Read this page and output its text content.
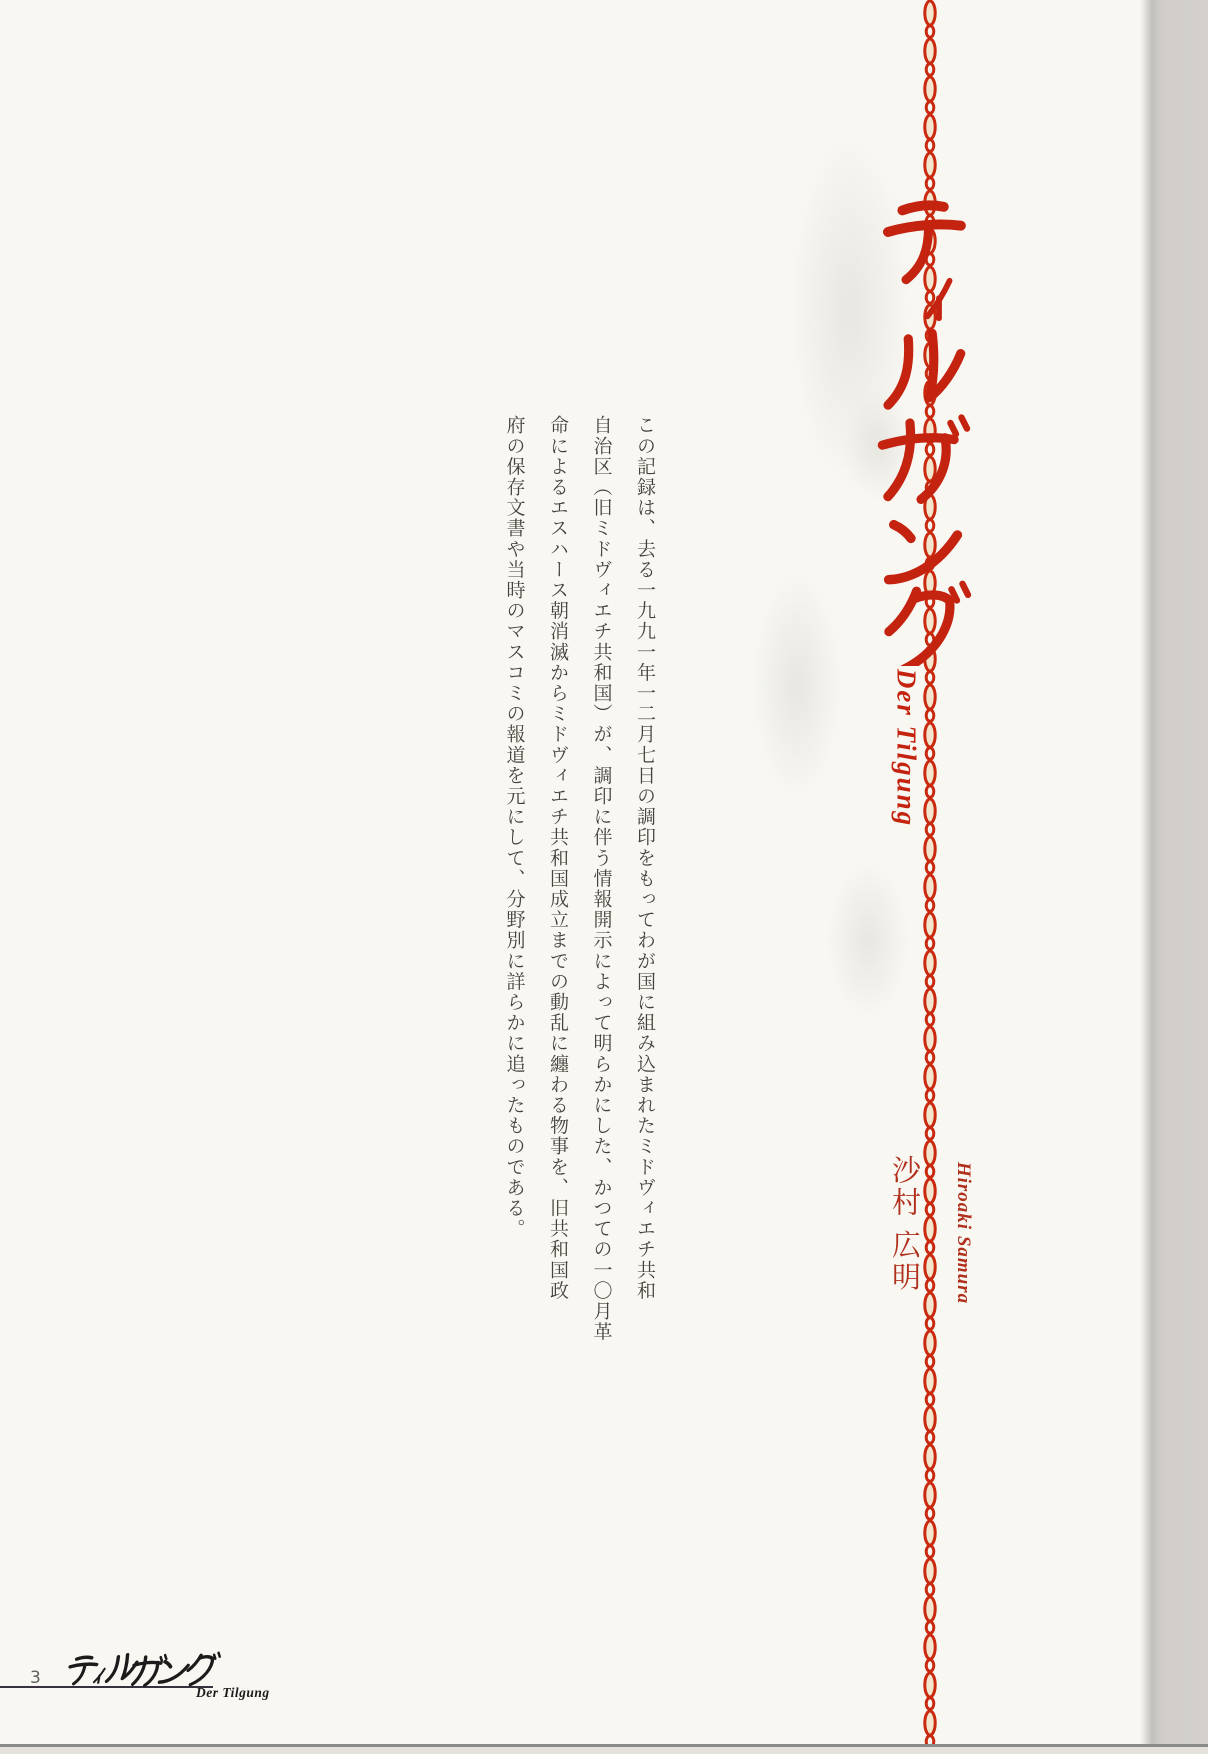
Der Tilgung
この記録は、去る一九九一年一二月七日の調印をもってわが国に組み込まれたミドヴィエチ共和
自治区（旧ミドヴィエチ共和国）が、調印に伴う情報開示によって明らかにした、かつての一〇月革
命によるエスハース朝消滅からミドヴィエチ共和国成立までの動乱に纏わる物事を、旧共和国政
府の保存文書や当時のマスコミの報道を元にして、分野別に詳らかに追ったものである。	沙村 広明 Hiroaki Samura
3
Der Tilgung
